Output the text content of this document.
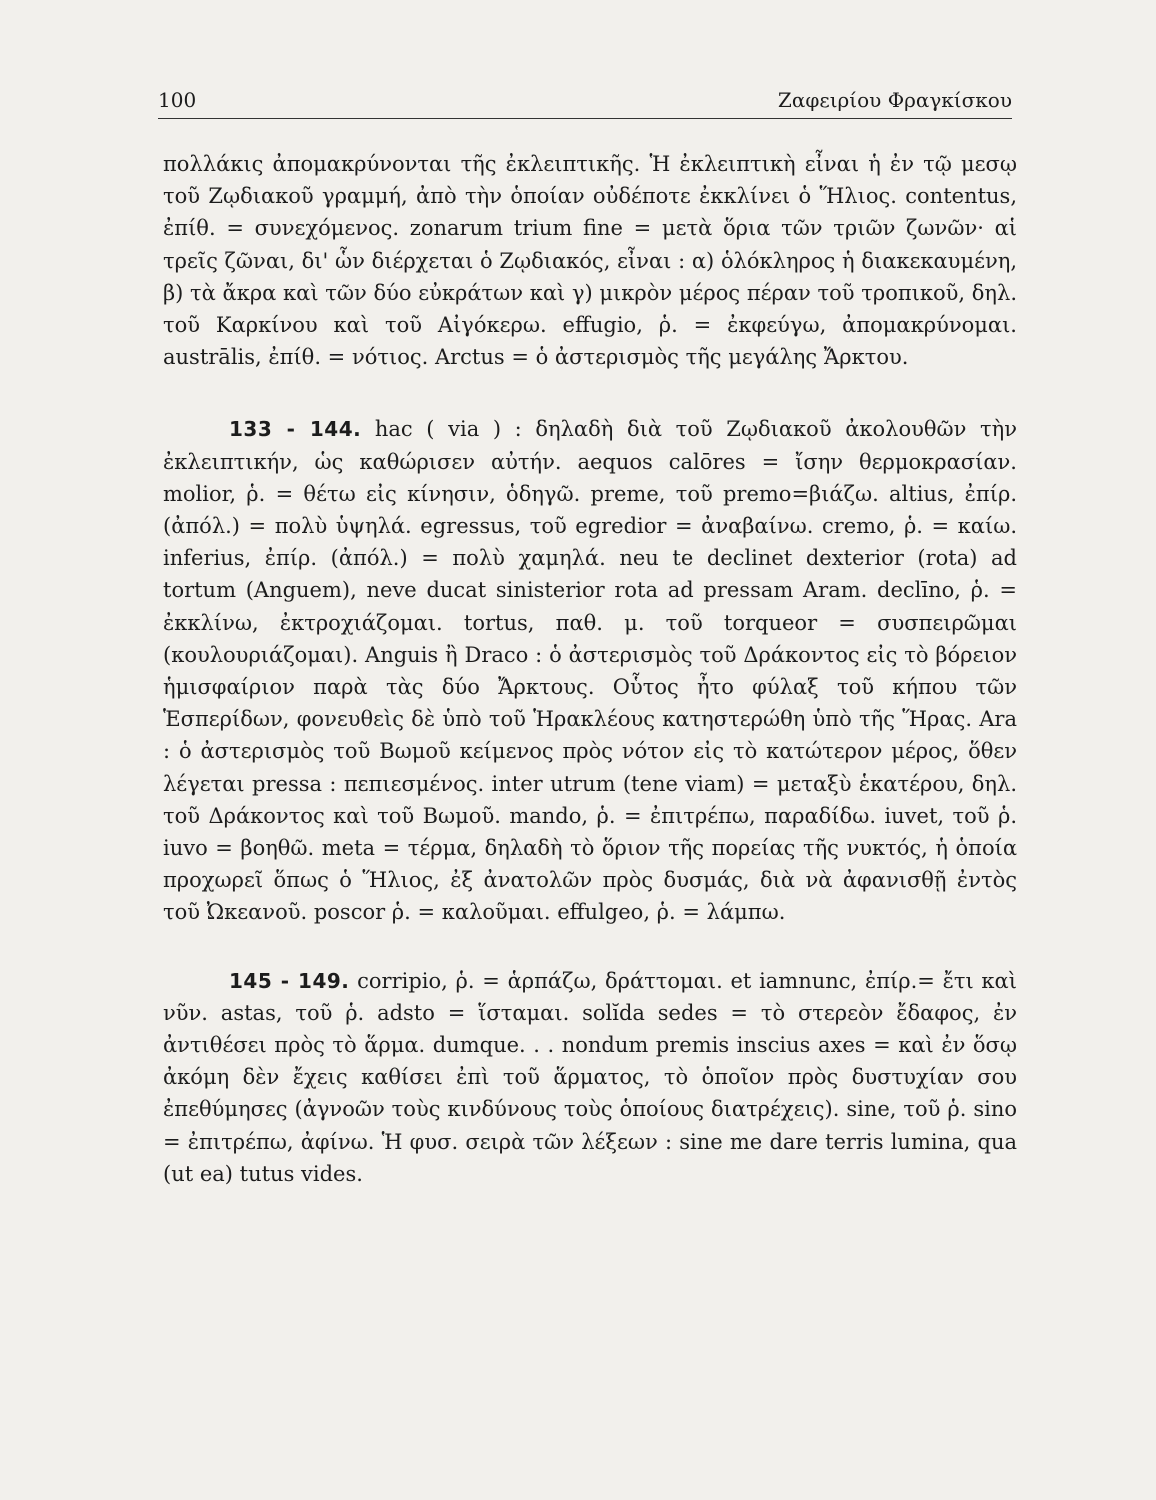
100	Ζαφειρίου Φραγκίσκου

πολλάκις ἀπομακρύνονται τῆς ἐκλειπτικῆς. Ἡ ἐκλειπτικὴ εἶναι ἡ ἐν τῷ μεσῳ τοῦ Ζῳδιακοῦ γραμμή, ἀπὸ τὴν ὁποίαν οὐδέποτε ἐκκλίνει ὁ Ἥλιος. contentus, ἐπίθ. = συνεχόμενος. zonarum trium fine = μετὰ ὅρια τῶν τριῶν ζωνῶν· αἱ τρεῖς ζῶναι, δι' ὧν διέρχεται ὁ Ζῳδιακός, εἶναι : α) ὁλόκληρος ἡ διακεκαυμένη, β) τὰ ἄκρα καὶ τῶν δύο εὐκράτων καὶ γ) μικρὸν μέρος πέραν τοῦ τροπικοῦ, δηλ. τοῦ Καρκίνου καὶ τοῦ Αἰγόκερω. effugio, ῥ. = ἐκφεύγω, ἀπομακρύνομαι. austrālis, ἐπίθ. = νότιος. Arctus = ὁ ἀστερισμὸς τῆς μεγάλης Ἄρκτου.

133 - 144. hac ( via ) : δηλαδὴ διὰ τοῦ Ζῳδιακοῦ ἀκολουθῶν τὴν ἐκλειπτικήν, ὡς καθώρισεν αὐτήν. aequos calōres = ἴσην θερμοκρασίαν. molior, ῥ. = θέτω εἰς κίνησιν, ὁδηγῶ. preme, τοῦ premo=βιάζω. altius, ἐπίρ. (ἀπόλ.) = πολὺ ὑψηλά. egressus, τοῦ egredior = ἀναβαίνω. cremo, ῥ. = καίω. inferius, ἐπίρ. (ἀπόλ.) = πολὺ χαμηλά. neu te declinet dexterior (rota) ad tortum (Anguem), neve ducat sinisterior rota ad pressam Aram. declīno, ῥ. = ἐκκλίνω, ἐκτροχιάζομαι. tortus, παθ. μ. τοῦ torqueor = συσπειρῶμαι (κουλουριάζομαι). Anguis ἢ Draco : ὁ ἀστερισμὸς τοῦ Δράκοντος εἰς τὸ βόρειον ἡμισφαίριον παρὰ τὰς δύο Ἄρκτους. Οὗτος ἦτο φύλαξ τοῦ κήπου τῶν Ἑσπερίδων, φονευθεὶς δὲ ὑπὸ τοῦ Ἡρακλέους κατηστερώθη ὑπὸ τῆς Ἥρας. Ara : ὁ ἀστερισμὸς τοῦ Βωμοῦ κείμενος πρὸς νότον εἰς τὸ κατώτερον μέρος, ὅθεν λέγεται pressa : πεπιεσμένος. inter utrum (tene viam) = μεταξὺ ἑκατέρου, δηλ. τοῦ Δράκοντος καὶ τοῦ Βωμοῦ. mando, ῥ. = ἐπιτρέπω, παραδίδω. iuvet, τοῦ ῥ. iuvo = βοηθῶ. meta = τέρμα, δηλαδὴ τὸ ὅριον τῆς πορείας τῆς νυκτός, ἡ ὁποία προχωρεῖ ὅπως ὁ Ἥλιος, ἐξ ἀνατολῶν πρὸς δυσμάς, διὰ νὰ ἀφανισθῇ ἐντὸς τοῦ Ὠκεανοῦ. poscor ῥ. = καλοῦμαι. effulgeo, ῥ. = λάμπω.

145 - 149. corripio, ῥ. = ἁρπάζω, δράττομαι. et iamnunc, ἐπίρ.= ἔτι καὶ νῦν. astas, τοῦ ῥ. adsto = ἵσταμαι. solĭda sedes = τὸ στερεὸν ἔδαφος, ἐν ἀντιθέσει πρὸς τὸ ἅρμα. dumque. . . nondum premis inscius axes = καὶ ἐν ὅσῳ ἀκόμη δὲν ἔχεις καθίσει ἐπὶ τοῦ ἅρματος, τὸ ὁποῖον πρὸς δυστυχίαν σου ἐπεθύμησες (ἀγνοῶν τοὺς κινδύνους τοὺς ὁποίους διατρέχεις). sine, τοῦ ῥ. sino = ἐπιτρέπω, ἀφίνω. Ἡ φυσ. σειρὰ τῶν λέξεων : sine me dare terris lumina, qua (ut ea) tutus vides.
